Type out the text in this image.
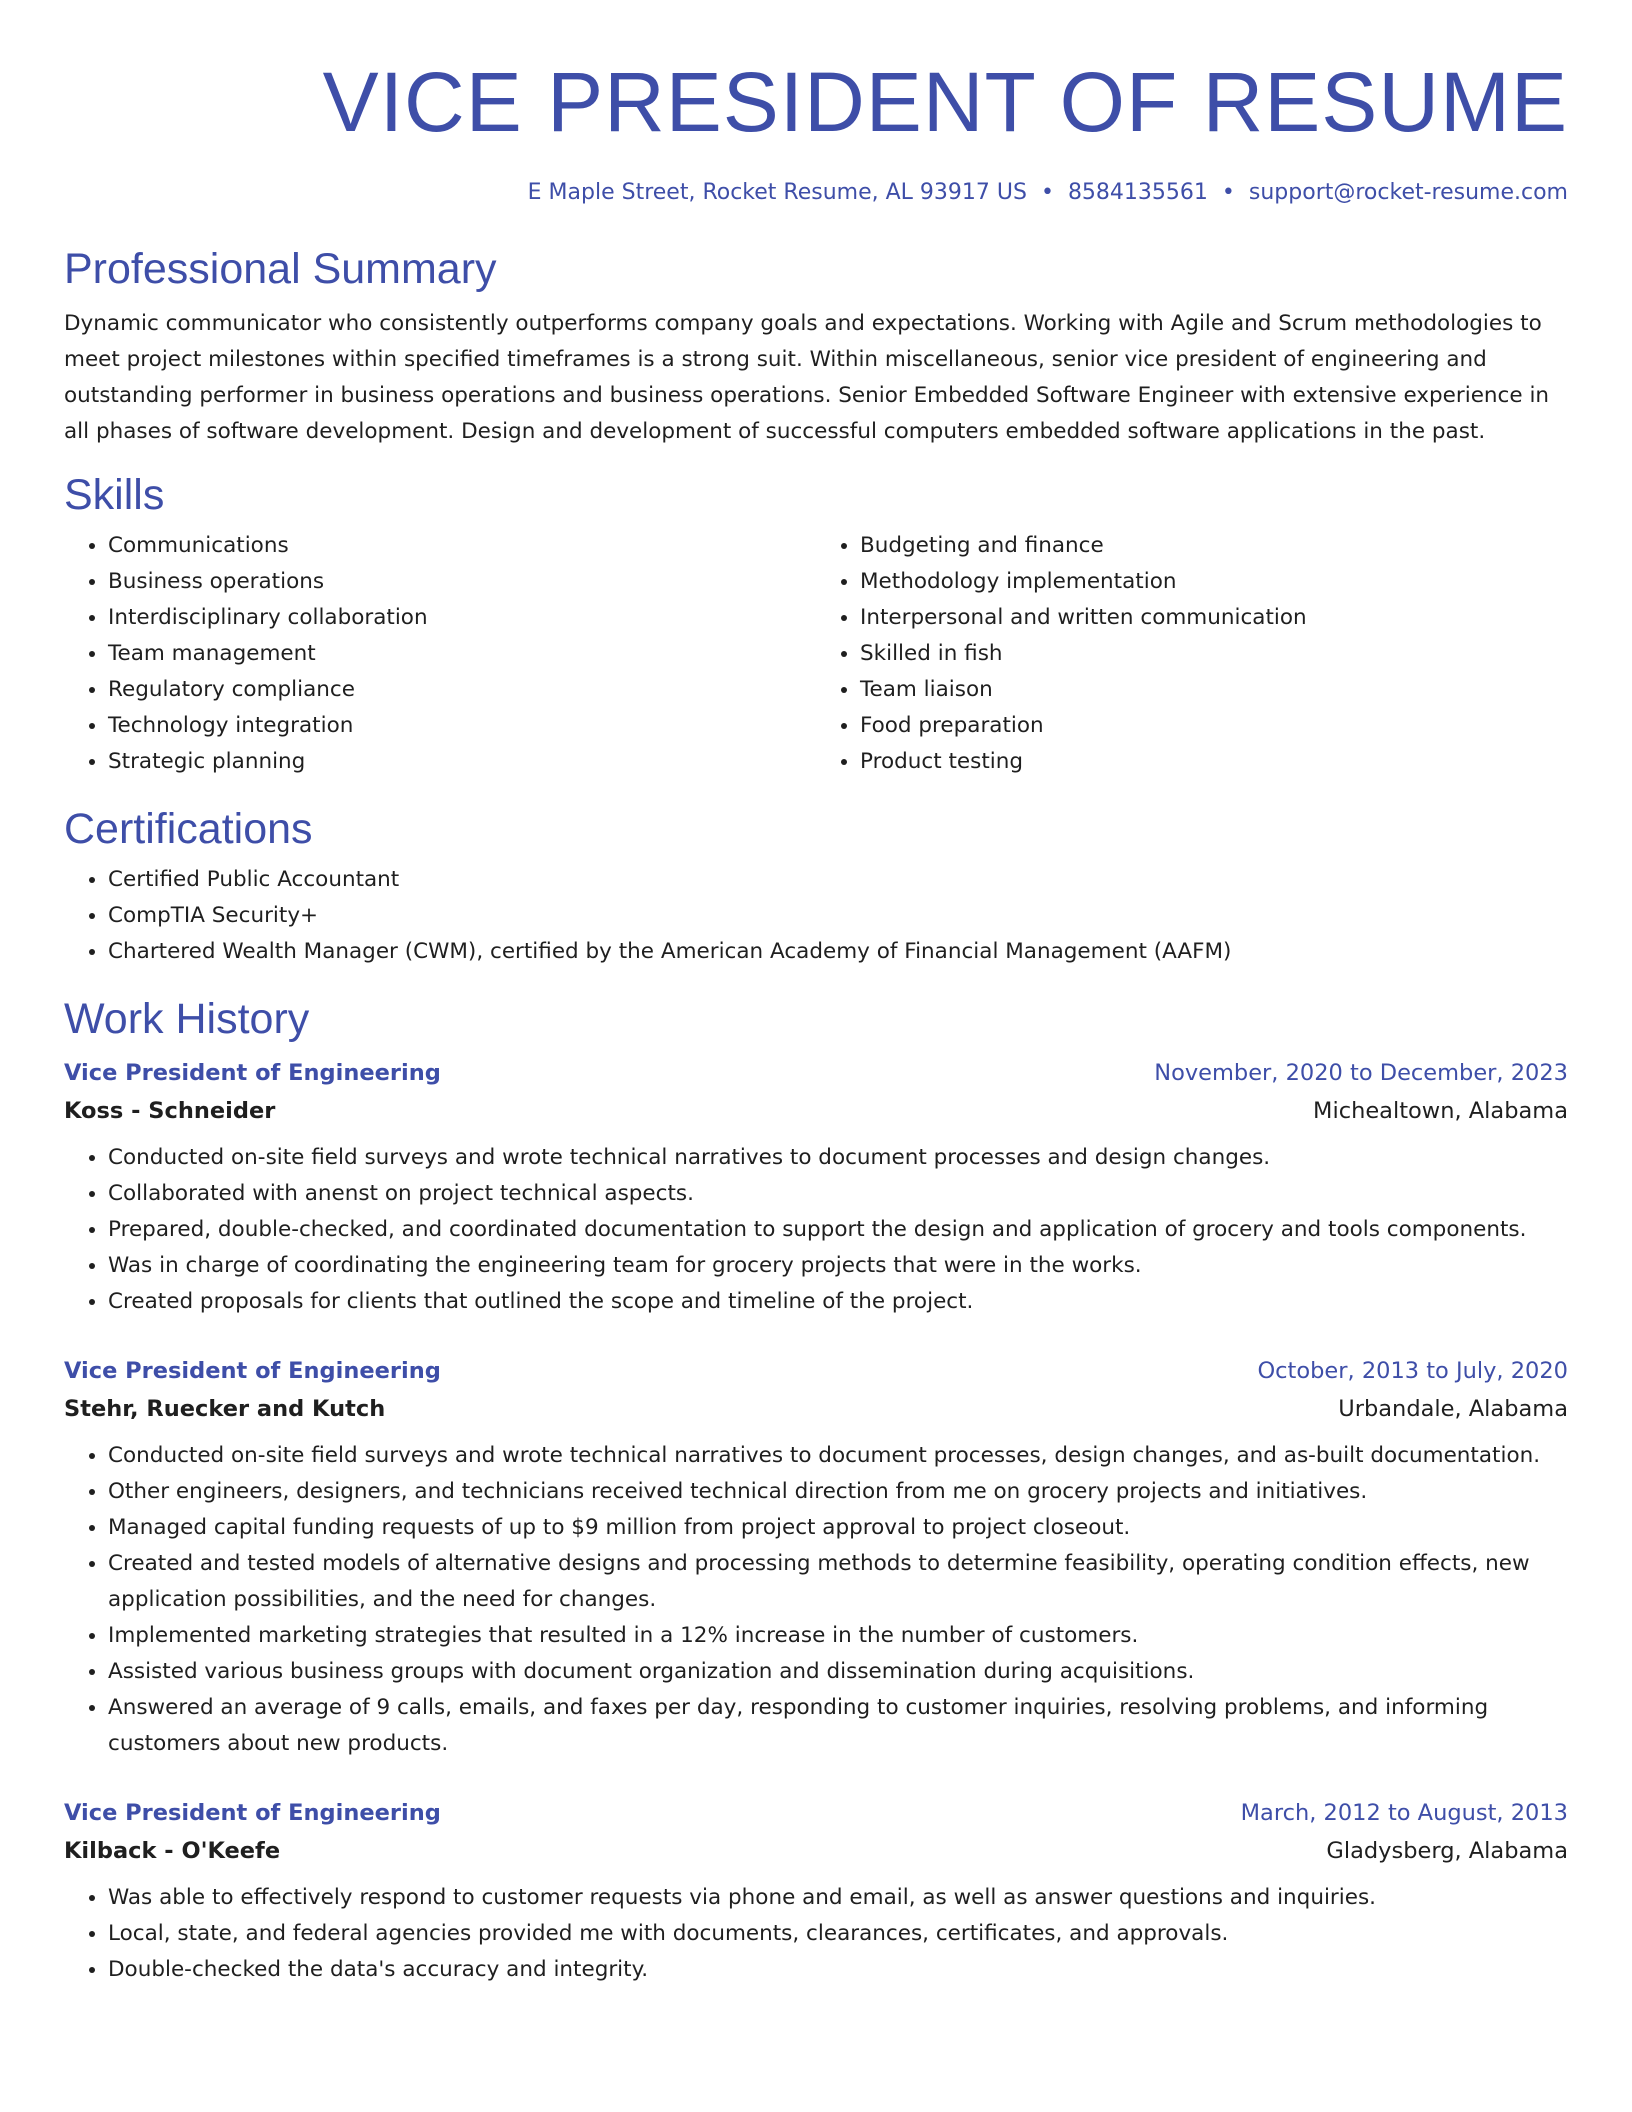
VICE PRESIDENT OF RESUME
E Maple Street, Rocket Resume, AL 93917 US • 8584135561 • support@rocket-resume.com
Professional Summary

Dynamic communicator who consistently outperforms company goals and expectations. Working with Agile and Scrum methodologies to meet project milestones within specified timeframes is a strong suit. Within miscellaneous, senior vice president of engineering and outstanding performer in business operations and business operations. Senior Embedded Software Engineer with extensive experience in all phases of software development. Design and development of successful computers embedded software applications in the past.

Skills
• Communications
• Business operations
• Interdisciplinary collaboration
• Team management
• Regulatory compliance
• Technology integration
• Strategic planning
• Budgeting and finance
• Methodology implementation
• Interpersonal and written communication
• Skilled in fish
• Team liaison
• Food preparation
• Product testing
Certifications
• Certified Public Accountant
• CompTIA Security+
• Chartered Wealth Manager (CWM), certified by the American Academy of Financial Management (AAFM)
Work History
Vice President of Engineering	November, 2020 to December, 2023
Koss - Schneider	Michealtown, Alabama
• Conducted on-site field surveys and wrote technical narratives to document processes and design changes.
• Collaborated with anenst on project technical aspects.
• Prepared, double-checked, and coordinated documentation to support the design and application of grocery and tools components.
• Was in charge of coordinating the engineering team for grocery projects that were in the works.
• Created proposals for clients that outlined the scope and timeline of the project.
Vice President of Engineering	October, 2013 to July, 2020
Stehr, Ruecker and Kutch	Urbandale, Alabama
• Conducted on-site field surveys and wrote technical narratives to document processes, design changes, and as-built documentation.
• Other engineers, designers, and technicians received technical direction from me on grocery projects and initiatives.
• Managed capital funding requests of up to $9 million from project approval to project closeout.
• Created and tested models of alternative designs and processing methods to determine feasibility, operating condition effects, new application possibilities, and the need for changes.
• Implemented marketing strategies that resulted in a 12% increase in the number of customers.
• Assisted various business groups with document organization and dissemination during acquisitions.
• Answered an average of 9 calls, emails, and faxes per day, responding to customer inquiries, resolving problems, and informing customers about new products.
Vice President of Engineering	March, 2012 to August, 2013
Kilback - O'Keefe	Gladysberg, Alabama
• Was able to effectively respond to customer requests via phone and email, as well as answer questions and inquiries.
• Local, state, and federal agencies provided me with documents, clearances, certificates, and approvals.
• Double-checked the data's accuracy and integrity.
